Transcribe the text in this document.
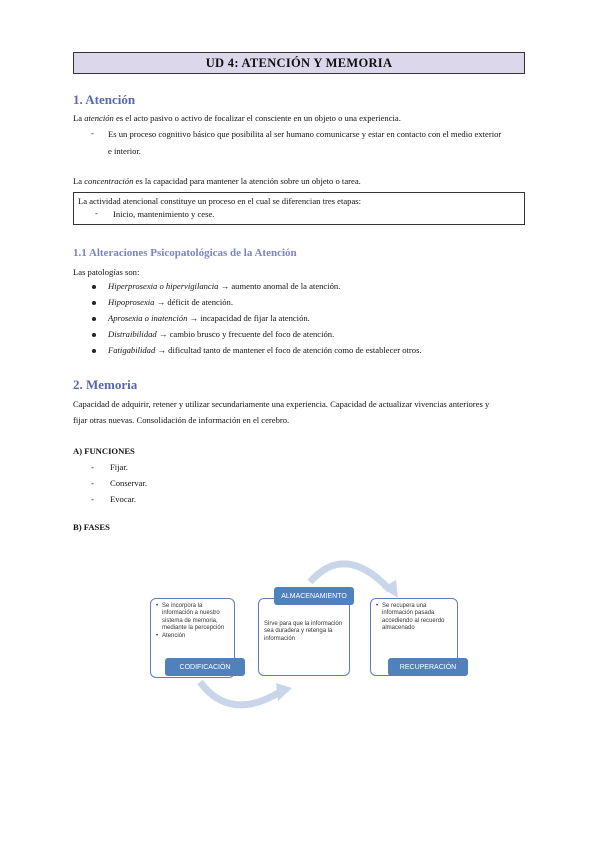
UD 4: ATENCIÓN Y MEMORIA
1. Atención
La atención es el acto pasivo o activo de focalizar el consciente en un objeto o una experiencia.
- Es un proceso cognitivo básico que posibilita al ser humano comunicarse y estar en contacto con el medio exterior
e interior.
La concentración es la capacidad para mantener la atención sobre un objeto o tarea.
La actividad atencional constituye un proceso en el cual se diferencian tres etapas:
- Inicio, mantenimiento y cese.
1.1 Alteraciones Psicopatológicas de la Atención
Las patologías son:
Hiperprosexia o hipervigilancia → aumento anomal de la atención.
Hipoprosexia → déficit de atención.
Aprosexia o inatención → incapacidad de fijar la atención.
Distraibilidad → cambio brusco y frecuente del foco de atención.
Fatigabilidad → dificultad tanto de mantener el foco de atención como de establecer otros.
2. Memoria
Capacidad de adquirir, retener y utilizar secundariamente una experiencia. Capacidad de actualizar vivencias anteriores y
fijar otras nuevas. Consolidación de información en el cerebro.
A) FUNCIONES
- Fijar.
- Conservar.
- Evocar.
B) FASES
• Se incorpora la información a nuestro sistema de memoria, mediante la percepción
• Atención
CODIFICACIÓN
Sirve para que la información sea duradera y retenga la información
ALMACENAMIENTO
• Se recupera una información pasada accediendo al recuerdo almacenado
RECUPERACIÓN
